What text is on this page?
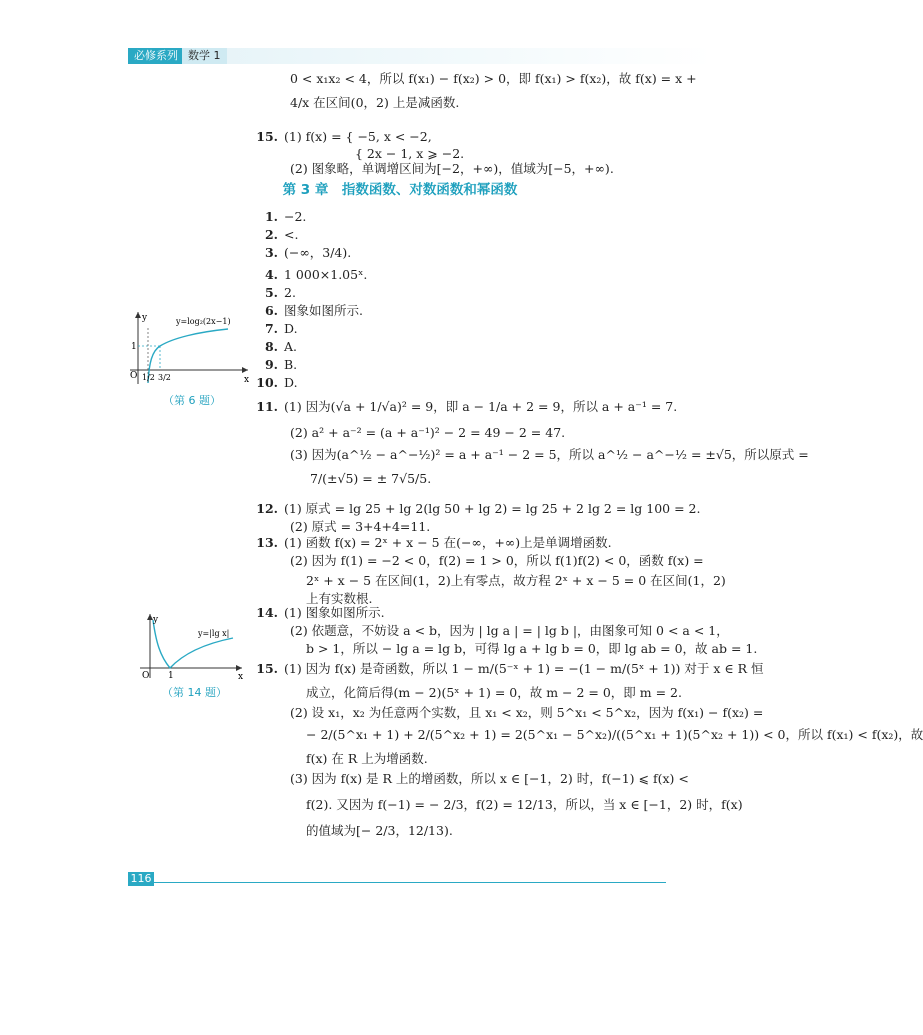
必修系列 数学 1
0 < x₁x₂ < 4，所以 f(x₁) − f(x₂) > 0，即 f(x₁) > f(x₂)，故 f(x) = x +
4/x 在区间(0，2) 上是减函数.
15. (1) f(x) = { −5, x < −2,
{ 2x − 1, x ⩾ −2.
(2) 图象略，单调增区间为[−2，+∞)，值域为[−5，+∞).
第 3 章　指数函数、对数函数和幂函数
1. −2.
2. <.
3. (−∞，3/4).
4. 1 000×1.05ˣ.
5. 2.
6. 图象如图所示.
7. D.
8. A.
9. B.
10. D.
11. (1) 因为(√a + 1/√a)² = 9，即 a − 1/a + 2 = 9，所以 a + a⁻¹ = 7.
(2) a² + a⁻² = (a + a⁻¹)² − 2 = 49 − 2 = 47.
(3) 因为(a^½ − a^−½)² = a + a⁻¹ − 2 = 5，所以 a^½ − a^−½ = ±√5，所以原式 =
7/(±√5) = ± 7√5/5.
12. (1) 原式 = lg 25 + lg 2(lg 50 + lg 2) = lg 25 + 2 lg 2 = lg 100 = 2.
(2) 原式 = 3+4+4=11.
13. (1) 函数 f(x) = 2ˣ + x − 5 在(−∞，+∞)上是单调增函数.
(2) 因为 f(1) = −2 < 0，f(2) = 1 > 0，所以 f(1)f(2) < 0，函数 f(x) =
2ˣ + x − 5 在区间(1，2)上有零点，故方程 2ˣ + x − 5 = 0 在区间(1，2)
上有实数根.
14. (1) 图象如图所示.
(2) 依题意，不妨设 a < b，因为 | lg a | = | lg b |，由图象可知 0 < a < 1，
b > 1，所以 − lg a = lg b，可得 lg a + lg b = 0，即 lg ab = 0，故 ab = 1.
15. (1) 因为 f(x) 是奇函数，所以 1 − m/(5⁻ˣ + 1) = −(1 − m/(5ˣ + 1)) 对于 x ∈ R 恒
成立，化简后得(m − 2)(5ˣ + 1) = 0，故 m − 2 = 0，即 m = 2.
(2) 设 x₁，x₂ 为任意两个实数，且 x₁ < x₂，则 5^x₁ < 5^x₂，因为 f(x₁) − f(x₂) =
− 2/(5^x₁ + 1) + 2/(5^x₂ + 1) = 2(5^x₁ − 5^x₂)/((5^x₁ + 1)(5^x₂ + 1)) < 0，所以 f(x₁) < f(x₂)，故
f(x) 在 R 上为增函数.
(3) 因为 f(x) 是 R 上的增函数，所以 x ∈ [−1，2) 时，f(−1) ⩽ f(x) <
f(2). 又因为 f(−1) = − 2/3，f(2) = 12/13，所以，当 x ∈ [−1，2) 时，f(x)
的值域为[− 2/3，12/13).
y
x
O
1
1/2 3/2
y=log₂(2x−1)
（第 6 题）
y
x
O 1
y=|lg x|
（第 14 题）
116
